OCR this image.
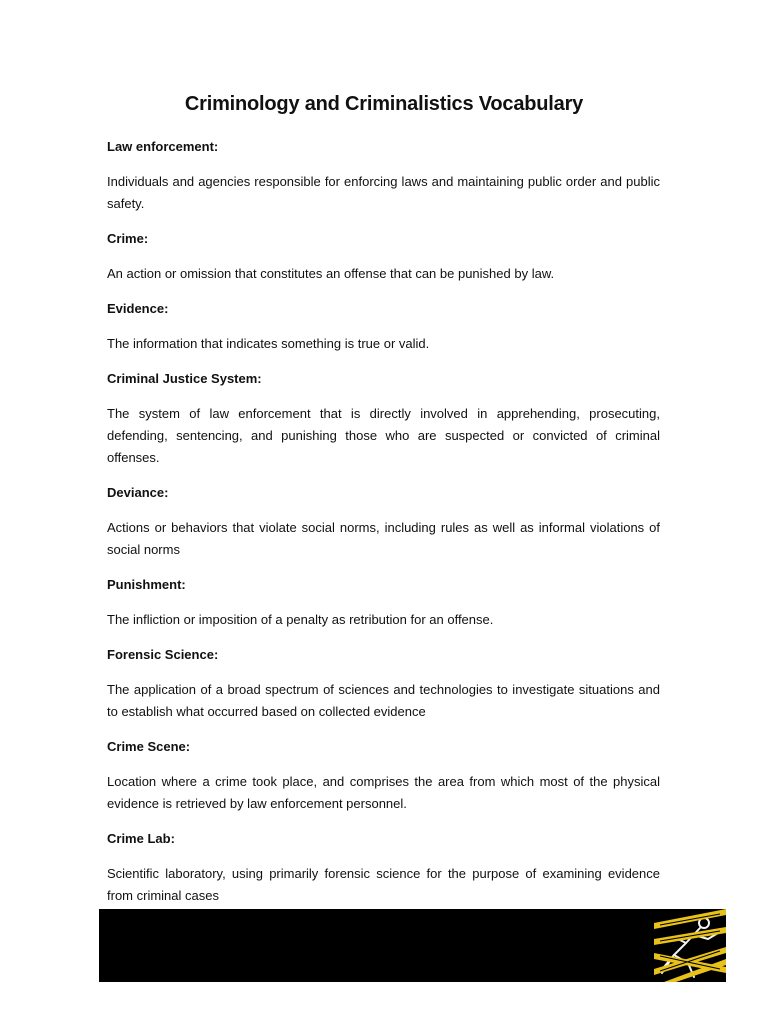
Criminology and Criminalistics Vocabulary

Law enforcement:

Individuals and agencies responsible for enforcing laws and maintaining public order and public safety.

Crime:

An action or omission that constitutes an offense that can be punished by law.

Evidence:

The information that indicates something is true or valid.

Criminal Justice System:

The system of law enforcement that is directly involved in apprehending, prosecuting, defending, sentencing, and punishing those who are suspected or convicted of criminal offenses.

Deviance:

Actions or behaviors that violate social norms, including rules as well as informal violations of social norms

Punishment:

The infliction or imposition of a penalty as retribution for an offense.

Forensic Science:

The application of a broad spectrum of sciences and technologies to investigate situations and to establish what occurred based on collected evidence

Crime Scene:

Location where a crime took place, and comprises the area from which most of the physical evidence is retrieved by law enforcement personnel.

Crime Lab:

Scientific laboratory, using primarily forensic science for the purpose of examining evidence from criminal cases
